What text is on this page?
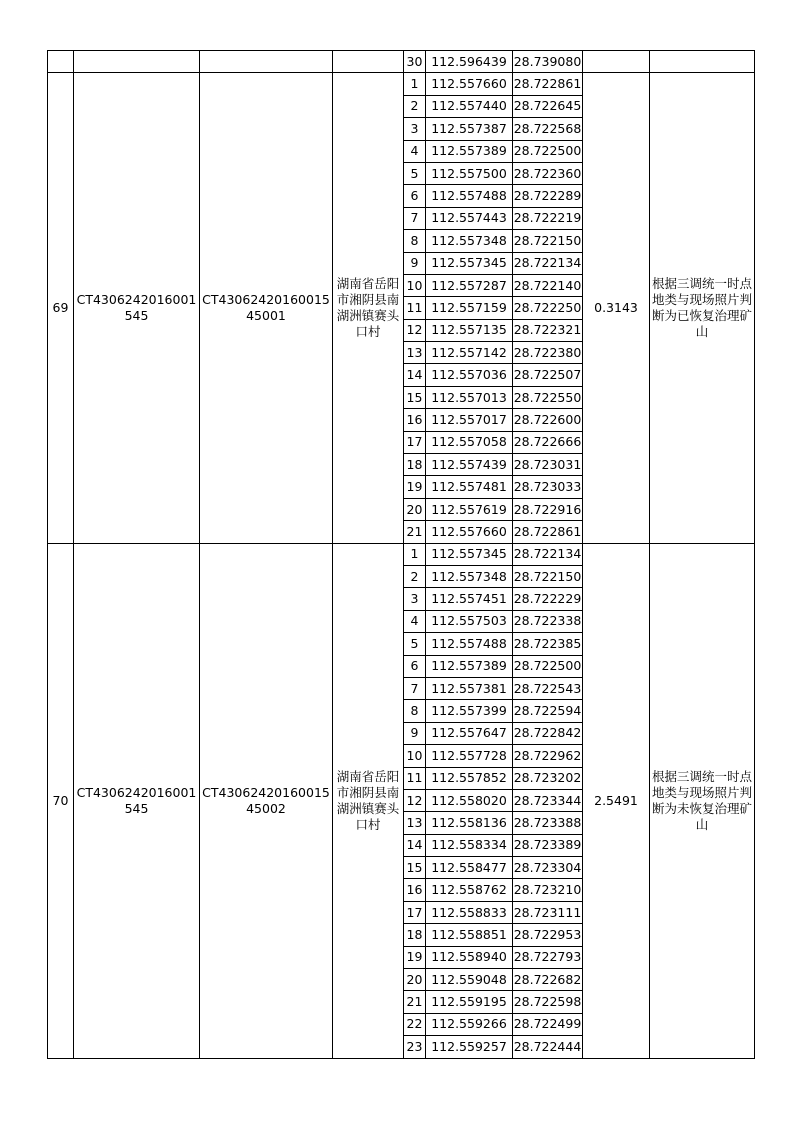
				30	112.596439	28.739080		
69	CT4306242016001545	CT4306242016001545001	湖南省岳阳市湘阴县南湖洲镇赛头口村	1	112.557660	28.722861	0.3143	根据三调统一时点地类与现场照片判断为已恢复治理矿山
				2	112.557440	28.722645		
				3	112.557387	28.722568		
				4	112.557389	28.722500		
				5	112.557500	28.722360		
				6	112.557488	28.722289		
				7	112.557443	28.722219		
				8	112.557348	28.722150		
				9	112.557345	28.722134		
				10	112.557287	28.722140		
				11	112.557159	28.722250		
				12	112.557135	28.722321		
				13	112.557142	28.722380		
				14	112.557036	28.722507		
				15	112.557013	28.722550		
				16	112.557017	28.722600		
				17	112.557058	28.722666		
				18	112.557439	28.723031		
				19	112.557481	28.723033		
				20	112.557619	28.722916		
				21	112.557660	28.722861		
70	CT4306242016001545	CT4306242016001545002	湖南省岳阳市湘阴县南湖洲镇赛头口村	1	112.557345	28.722134	2.5491	根据三调统一时点地类与现场照片判断为未恢复治理矿山
				2	112.557348	28.722150		
				3	112.557451	28.722229		
				4	112.557503	28.722338		
				5	112.557488	28.722385		
				6	112.557389	28.722500		
				7	112.557381	28.722543		
				8	112.557399	28.722594		
				9	112.557647	28.722842		
				10	112.557728	28.722962		
				11	112.557852	28.723202		
				12	112.558020	28.723344		
				13	112.558136	28.723388		
				14	112.558334	28.723389		
				15	112.558477	28.723304		
				16	112.558762	28.723210		
				17	112.558833	28.723111		
				18	112.558851	28.722953		
				19	112.558940	28.722793		
				20	112.559048	28.722682		
				21	112.559195	28.722598		
				22	112.559266	28.722499		
				23	112.559257	28.722444		
